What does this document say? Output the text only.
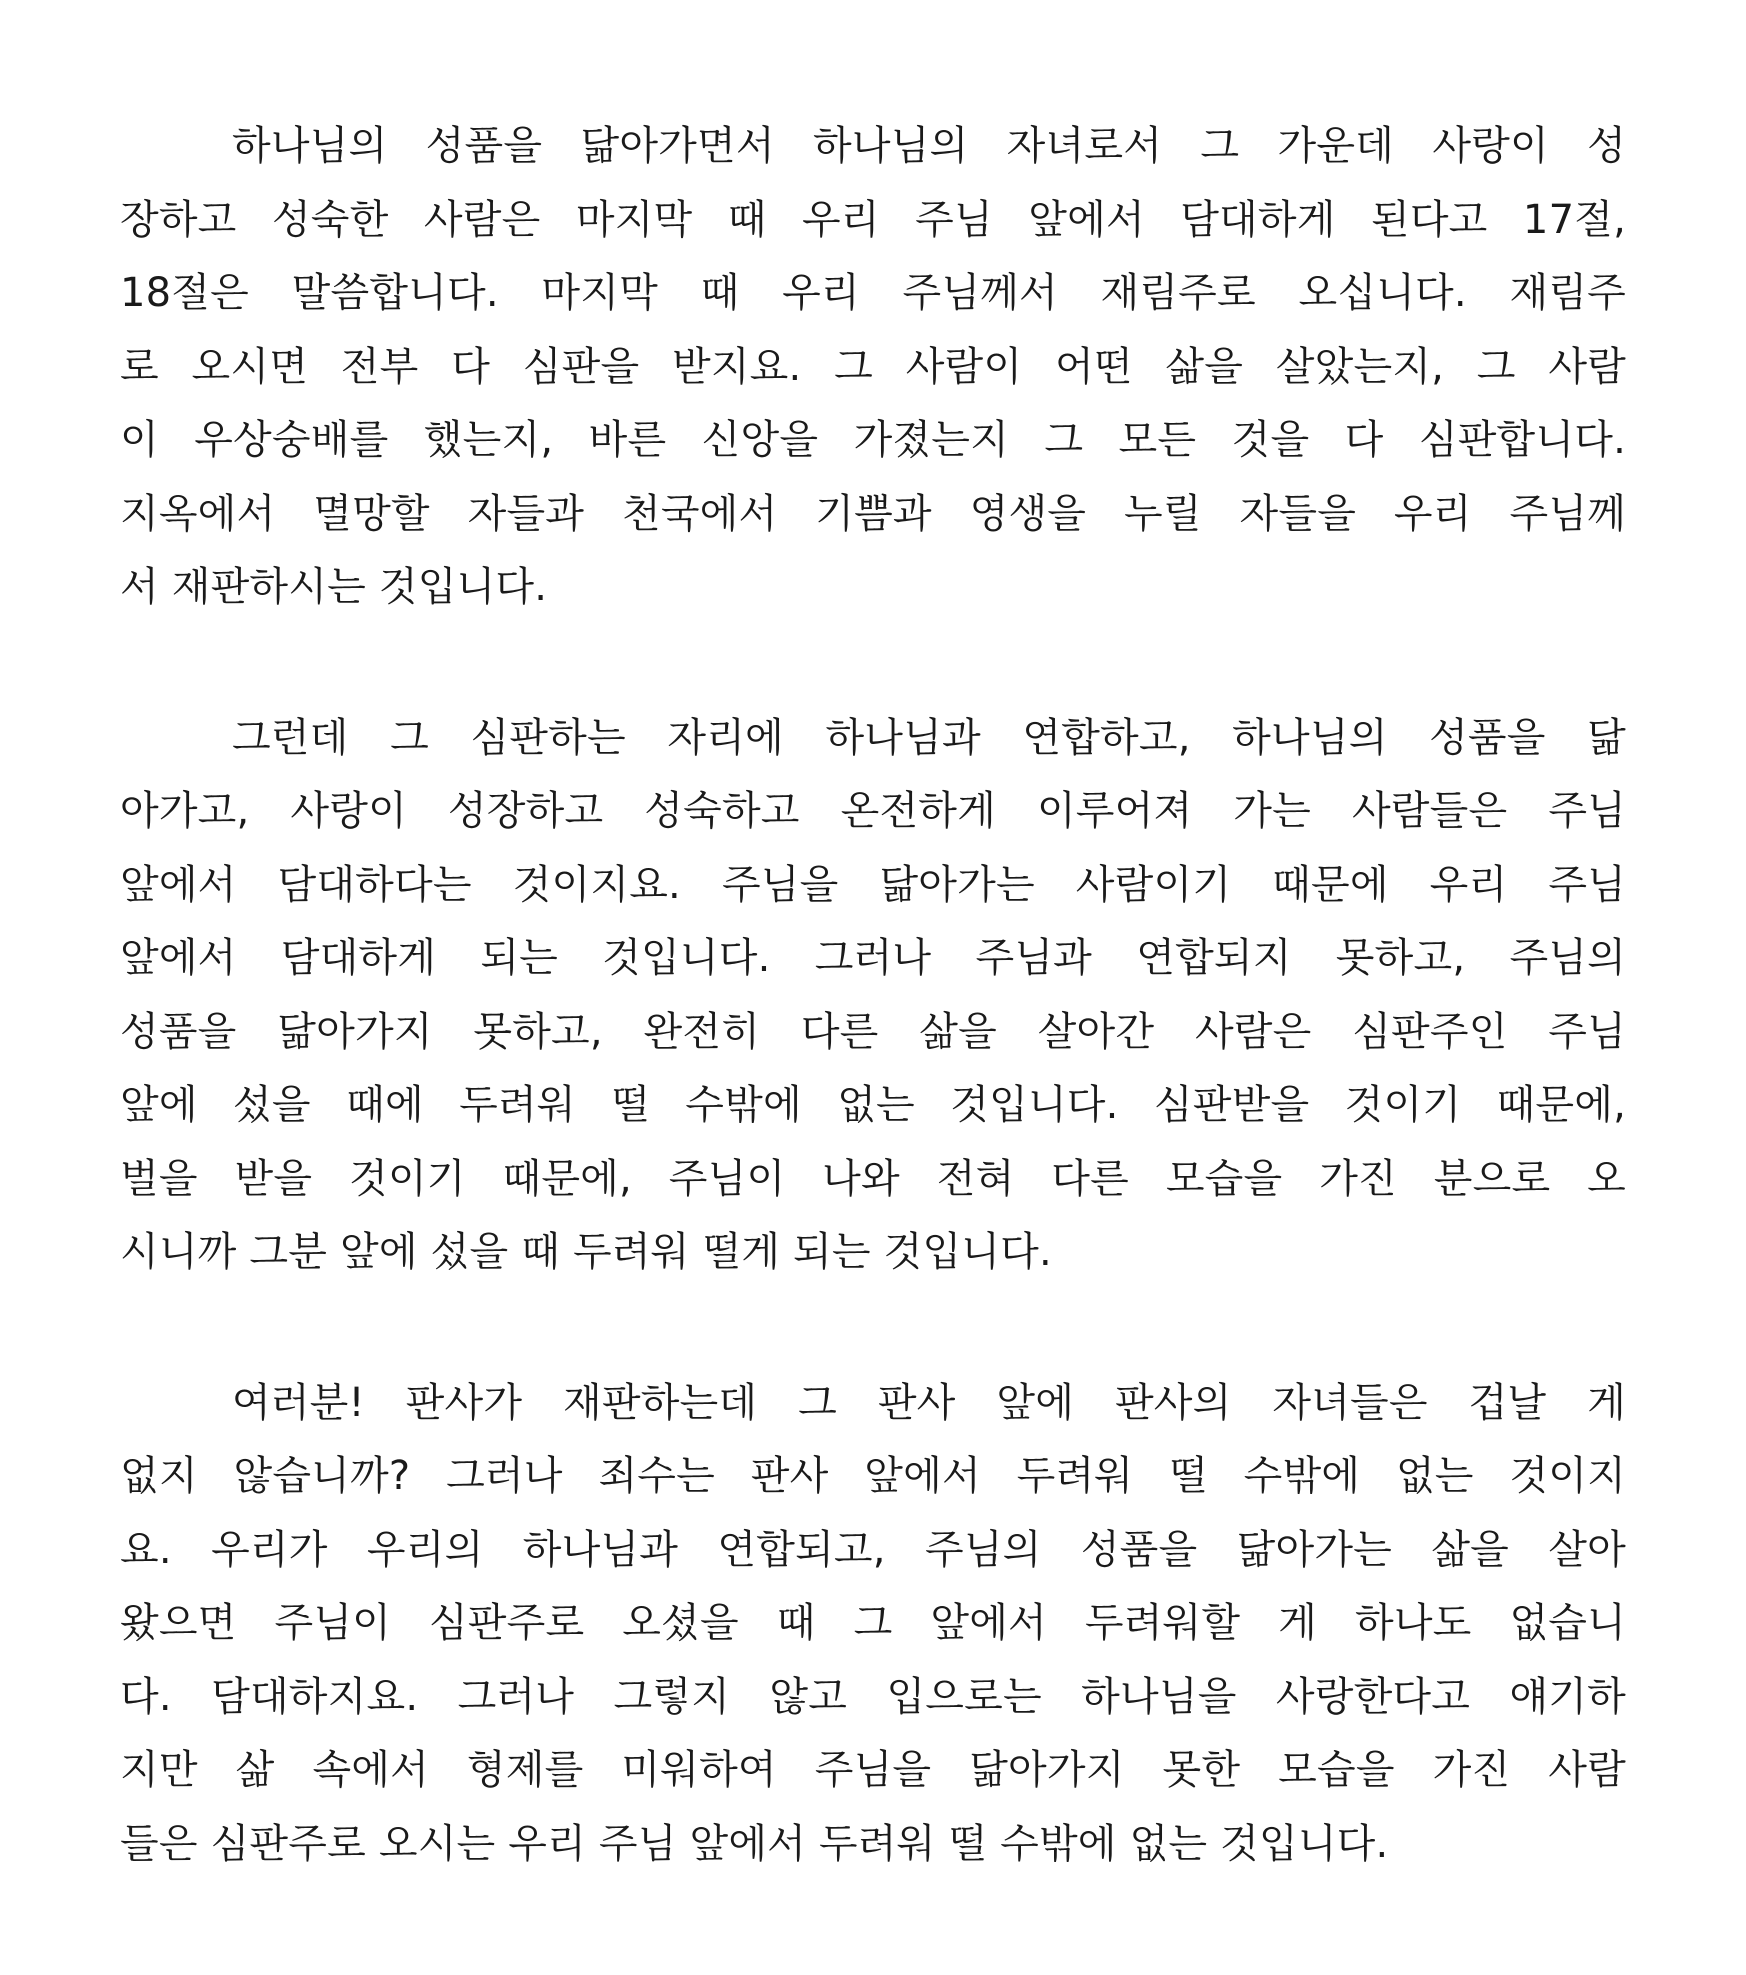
하나님의 성품을 닮아가면서 하나님의 자녀로서 그 가운데 사랑이 성
장하고 성숙한 사람은 마지막 때 우리 주님 앞에서 담대하게 된다고 17절,
18절은 말씀합니다. 마지막 때 우리 주님께서 재림주로 오십니다. 재림주
로 오시면 전부 다 심판을 받지요. 그 사람이 어떤 삶을 살았는지, 그 사람
이 우상숭배를 했는지, 바른 신앙을 가졌는지 그 모든 것을 다 심판합니다.
지옥에서 멸망할 자들과 천국에서 기쁨과 영생을 누릴 자들을 우리 주님께
서 재판하시는 것입니다.
그런데 그 심판하는 자리에 하나님과 연합하고, 하나님의 성품을 닮
아가고, 사랑이 성장하고 성숙하고 온전하게 이루어져 가는 사람들은 주님
앞에서 담대하다는 것이지요. 주님을 닮아가는 사람이기 때문에 우리 주님
앞에서 담대하게 되는 것입니다. 그러나 주님과 연합되지 못하고, 주님의
성품을 닮아가지 못하고, 완전히 다른 삶을 살아간 사람은 심판주인 주님
앞에 섰을 때에 두려워 떨 수밖에 없는 것입니다. 심판받을 것이기 때문에,
벌을 받을 것이기 때문에, 주님이 나와 전혀 다른 모습을 가진 분으로 오
시니까 그분 앞에 섰을 때 두려워 떨게 되는 것입니다.
여러분! 판사가 재판하는데 그 판사 앞에 판사의 자녀들은 겁날 게
없지 않습니까? 그러나 죄수는 판사 앞에서 두려워 떨 수밖에 없는 것이지
요. 우리가 우리의 하나님과 연합되고, 주님의 성품을 닮아가는 삶을 살아
왔으면 주님이 심판주로 오셨을 때 그 앞에서 두려워할 게 하나도 없습니
다. 담대하지요. 그러나 그렇지 않고 입으로는 하나님을 사랑한다고 얘기하
지만 삶 속에서 형제를 미워하여 주님을 닮아가지 못한 모습을 가진 사람
들은 심판주로 오시는 우리 주님 앞에서 두려워 떨 수밖에 없는 것입니다.
